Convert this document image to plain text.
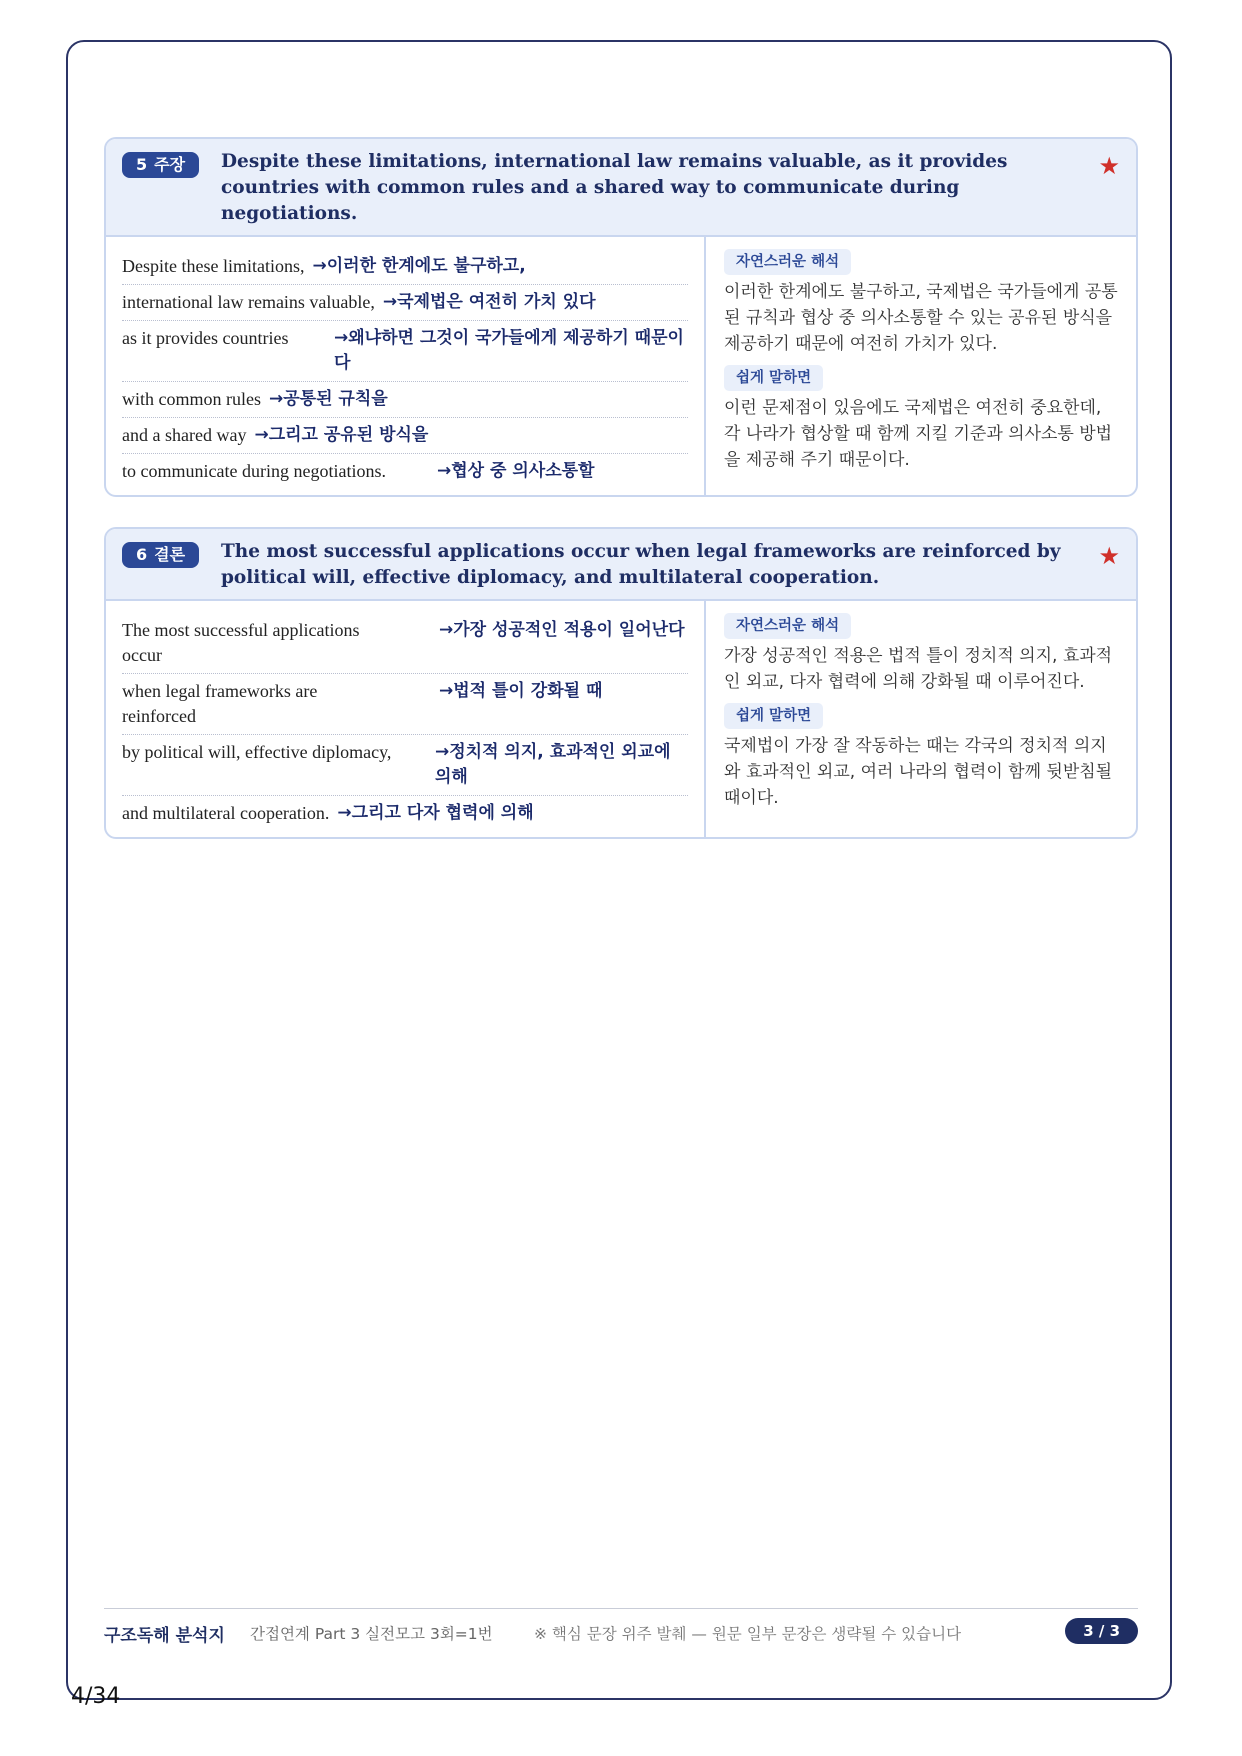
5 주장	Despite these limitations, international law remains valuable, as it provides countries with common rules and a shared way to communicate during negotiations.
★
Despite these limitations, →이러한 한계에도 불구하고,
international law remains valuable, →국제법은 여전히 가치 있다
as it provides countries	→왜냐하면 그것이 국가들에게 제공하기 때문이다
with common rules →공통된 규칙을
and a shared way →그리고 공유된 방식을
to communicate during negotiations.	→협상 중 의사소통할
자연스러운 해석
이러한 한계에도 불구하고, 국제법은 국가들에게 공통된 규칙과 협상 중 의사소통할 수 있는 공유된 방식을 제공하기 때문에 여전히 가치가 있다.
쉽게 말하면
이런 문제점이 있음에도 국제법은 여전히 중요한데, 각 나라가 협상할 때 함께 지킬 기준과 의사소통 방법을 제공해 주기 때문이다.
6 결론	The most successful applications occur when legal frameworks are reinforced by political will, effective diplomacy, and multilateral cooperation.
★
The most successful applications occur
→가장 성공적인 적용이 일어난다
when legal frameworks are reinforced
→법적 틀이 강화될 때
by political will, effective diplomacy,	→정치적 의지, 효과적인 외교에 의해
and multilateral cooperation. →그리고 다자 협력에 의해
자연스러운 해석
가장 성공적인 적용은 법적 틀이 정치적 의지, 효과적인 외교, 다자 협력에 의해 강화될 때 이루어진다.
쉽게 말하면
국제법이 가장 잘 작동하는 때는 각국의 정치적 의지와 효과적인 외교, 여러 나라의 협력이 함께 뒷받침될 때이다.
구조독해 분석지 간접연계 Part 3 실전모고 3회=1번	※ 핵심 문장 위주 발췌 — 원문 일부 문장은 생략될 수 있습니다	3 / 3
4/34
